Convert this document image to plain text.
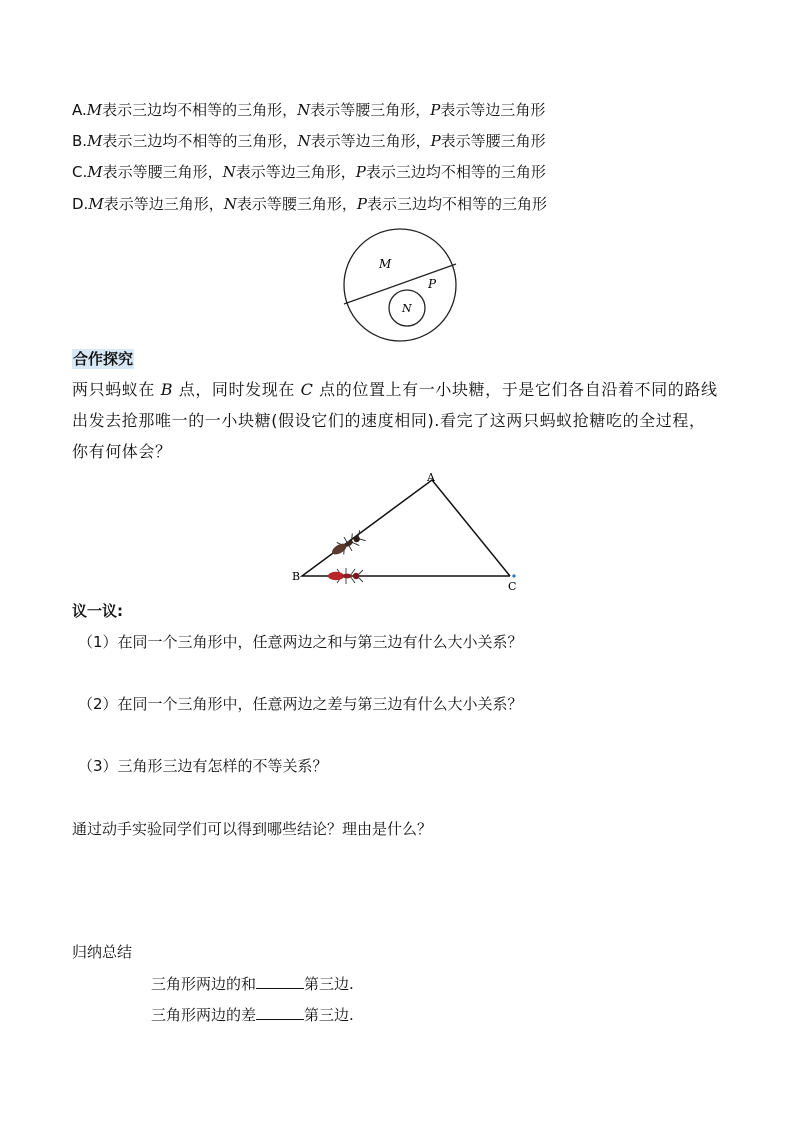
A.M表示三边均不相等的三角形，N表示等腰三角形，P表示等边三角形
B.M表示三边均不相等的三角形，N表示等边三角形，P表示等腰三角形
C.M表示等腰三角形，N表示等边三角形，P表示三边均不相等的三角形
D.M表示等边三角形，N表示等腰三角形，P表示三边均不相等的三角形
M
P
N
合作探究
两只蚂蚁在 B 点，同时发现在 C 点的位置上有一小块糖，于是它们各自沿着不同的路线出发去抢那唯一的一小块糖(假设它们的速度相同).看完了这两只蚂蚁抢糖吃的全过程，你有何体会？
A
B
C
议一议:
（1）在同一个三角形中，任意两边之和与第三边有什么大小关系？
（2）在同一个三角形中，任意两边之差与第三边有什么大小关系？
（3）三角形三边有怎样的不等关系？
通过动手实验同学们可以得到哪些结论？理由是什么？
归纳总结
三角形两边的和	第三边.
三角形两边的差	第三边.
